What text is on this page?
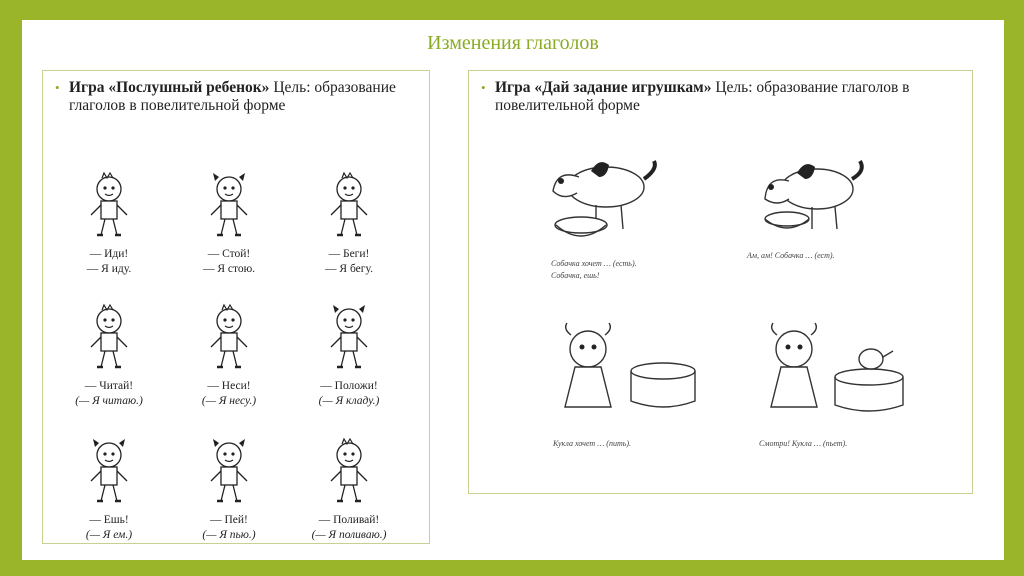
Изменения глаголов
• Игра «Послушный ребенок» Цель: образование глаголов в повелительной форме
— Иди!
— Я иду.
— Стой!
— Я стою.
— Беги!
— Я бегу.
— Читай!
(— Я читаю.)
— Неси!
(— Я несу.)
— Положи!
(— Я кладу.)
— Ешь!
(— Я ем.)
— Пей!
(— Я пью.)
— Поливай!
(— Я поливаю.)
• Игра «Дай задание игрушкам» Цель: образование глаголов в повелительной форме
Собачка хочет … (есть).
Собачка, ешь!
Ам, ам! Собачка … (ест).
Кукла хочет … (пить).	Смотри! Кукла … (пьет).
